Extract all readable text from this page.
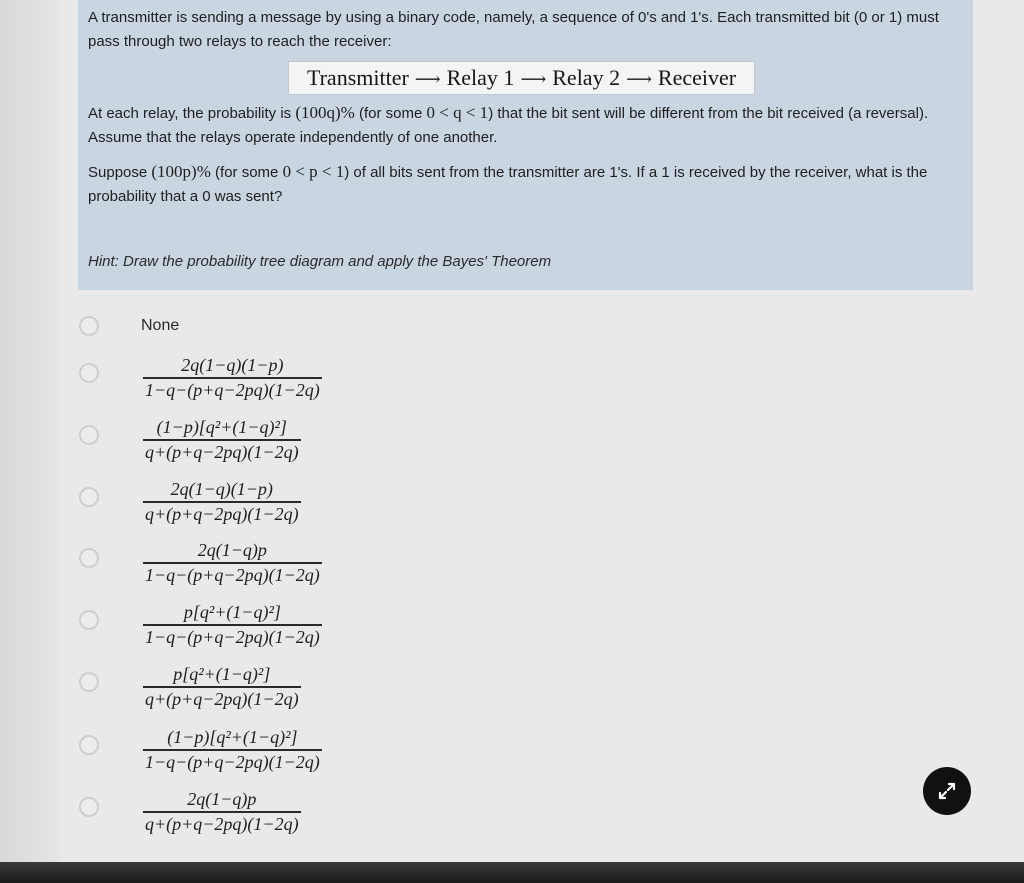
A transmitter is sending a message by using a binary code, namely, a sequence of 0's and 1's. Each transmitted bit (0 or 1) must pass through two relays to reach the receiver:
Transmitter ⟶ Relay 1 ⟶ Relay 2 ⟶ Receiver
At each relay, the probability is (100q)% (for some 0 < q < 1) that the bit sent will be different from the bit received (a reversal). Assume that the relays operate independently of one another.
Suppose (100p)% (for some 0 < p < 1) of all bits sent from the transmitter are 1's. If a 1 is received by the receiver, what is the probability that a 0 was sent?
Hint: Draw the probability tree diagram and apply the Bayes' Theorem
None
2q(1−q)(1−p)
1−q−(p+q−2pq)(1−2q)
(1−p)[q²+(1−q)²]
q+(p+q−2pq)(1−2q)
2q(1−q)(1−p)
q+(p+q−2pq)(1−2q)
2q(1−q)p
1−q−(p+q−2pq)(1−2q)
p[q²+(1−q)²]
1−q−(p+q−2pq)(1−2q)
p[q²+(1−q)²]
q+(p+q−2pq)(1−2q)
(1−p)[q²+(1−q)²]
1−q−(p+q−2pq)(1−2q)
2q(1−q)p
q+(p+q−2pq)(1−2q)
